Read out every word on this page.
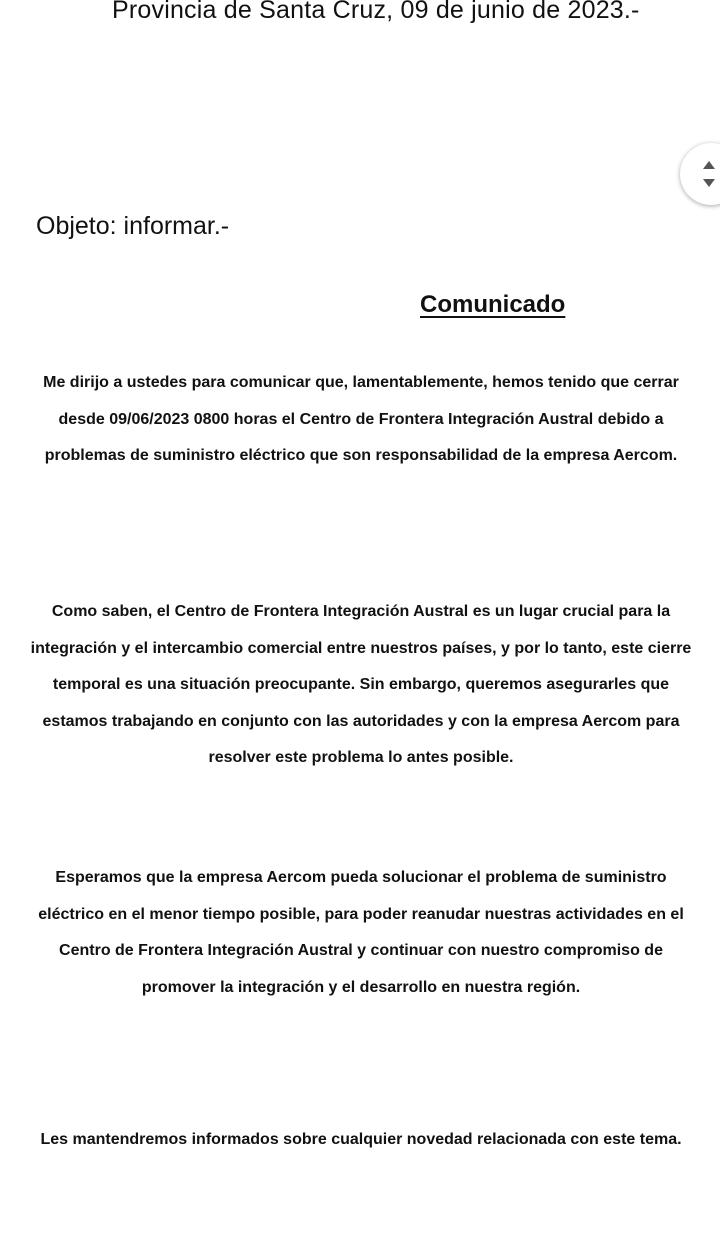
Provincia de Santa Cruz, 09 de junio de 2023.-
Objeto: informar.-
Comunicado

Me dirijo a ustedes para comunicar que, lamentablemente, hemos tenido que cerrar desde 09/06/2023 0800 horas el Centro de Frontera Integración Austral debido a problemas de suministro eléctrico que son responsabilidad de la empresa Aercom.

Como saben, el Centro de Frontera Integración Austral es un lugar crucial para la integración y el intercambio comercial entre nuestros países, y por lo tanto, este cierre temporal es una situación preocupante. Sin embargo, queremos asegurarles que estamos trabajando en conjunto con las autoridades y con la empresa Aercom para resolver este problema lo antes posible.

Esperamos que la empresa Aercom pueda solucionar el problema de suministro eléctrico en el menor tiempo posible, para poder reanudar nuestras actividades en el Centro de Frontera Integración Austral y continuar con nuestro compromiso de promover la integración y el desarrollo en nuestra región.

Les mantendremos informados sobre cualquier novedad relacionada con este tema.
